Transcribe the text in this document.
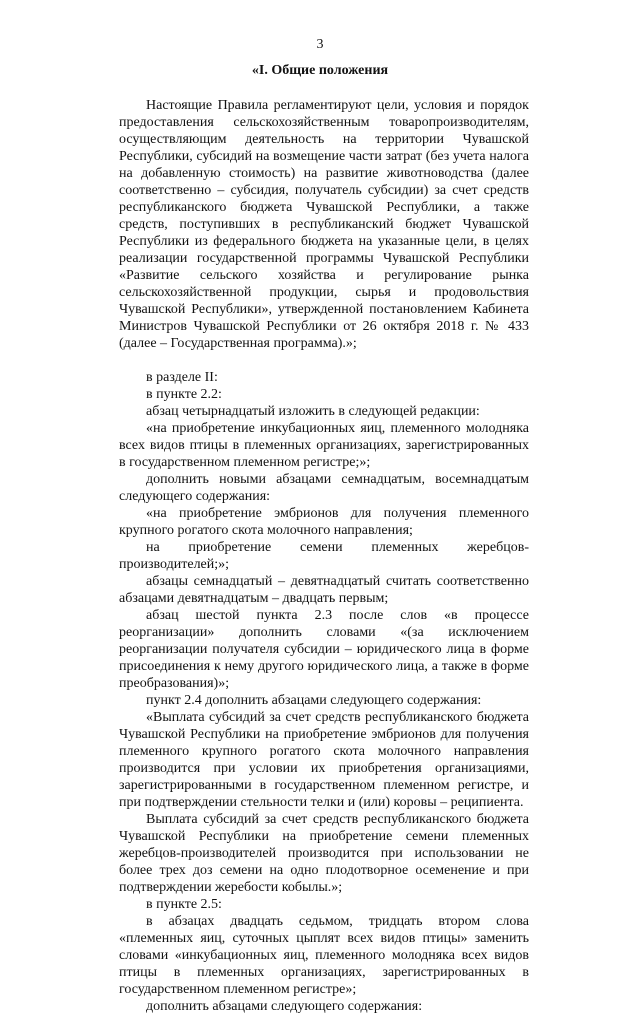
3
«I. Общие положения

Настоящие Правила регламентируют цели, условия и порядок предоставления сельскохозяйственным товаропроизводителям, осуществляющим деятельность на территории Чувашской Республики, субсидий на возмещение части затрат (без учета налога на добавленную стоимость) на развитие животноводства (далее соответственно – субсидия, получатель субсидии) за счет средств республиканского бюджета Чувашской Республики, а также средств, поступивших в республиканский бюджет Чувашской Республики из федерального бюджета на указанные цели, в целях реализации государственной программы Чувашской Республики «Развитие сельского хозяйства и регулирование рынка сельскохозяйственной продукции, сырья и продовольствия Чувашской Республики», утвержденной постановлением Кабинета Министров Чувашской Республики от 26 октября 2018 г. № 433 (далее – Государственная программа).»;

в разделе II:

в пункте 2.2:

абзац четырнадцатый изложить в следующей редакции:

«на приобретение инкубационных яиц, племенного молодняка всех видов птицы в племенных организациях, зарегистрированных в государственном племенном регистре;»;

дополнить новыми абзацами семнадцатым, восемнадцатым следующего содержания:

«на приобретение эмбрионов для получения племенного крупного рогатого скота молочного направления;

на приобретение семени племенных жеребцов-производителей;»;

абзацы семнадцатый – девятнадцатый считать соответственно абзацами девятнадцатым – двадцать первым;

абзац шестой пункта 2.3 после слов «в процессе реорганизации» дополнить словами «(за исключением реорганизации получателя субсидии – юридического лица в форме присоединения к нему другого юридического лица, а также в форме преобразования)»;

пункт 2.4 дополнить абзацами следующего содержания:

«Выплата субсидий за счет средств республиканского бюджета Чувашской Республики на приобретение эмбрионов для получения племенного крупного рогатого скота молочного направления производится при условии их приобретения организациями, зарегистрированными в государственном племенном регистре, и при подтверждении стельности телки и (или) коровы – реципиента.

Выплата субсидий за счет средств республиканского бюджета Чувашской Республики на приобретение семени племенных жеребцов-производителей производится при использовании не более трех доз семени на одно плодотворное осеменение и при подтверждении жеребости кобылы.»;

в пункте 2.5:

в абзацах двадцать седьмом, тридцать втором слова «племенных яиц, суточных цыплят всех видов птицы» заменить словами «инкубационных яиц, племенного молодняка всех видов птицы в племенных организациях, зарегистрированных в государственном племенном регистре»;

дополнить абзацами следующего содержания:
